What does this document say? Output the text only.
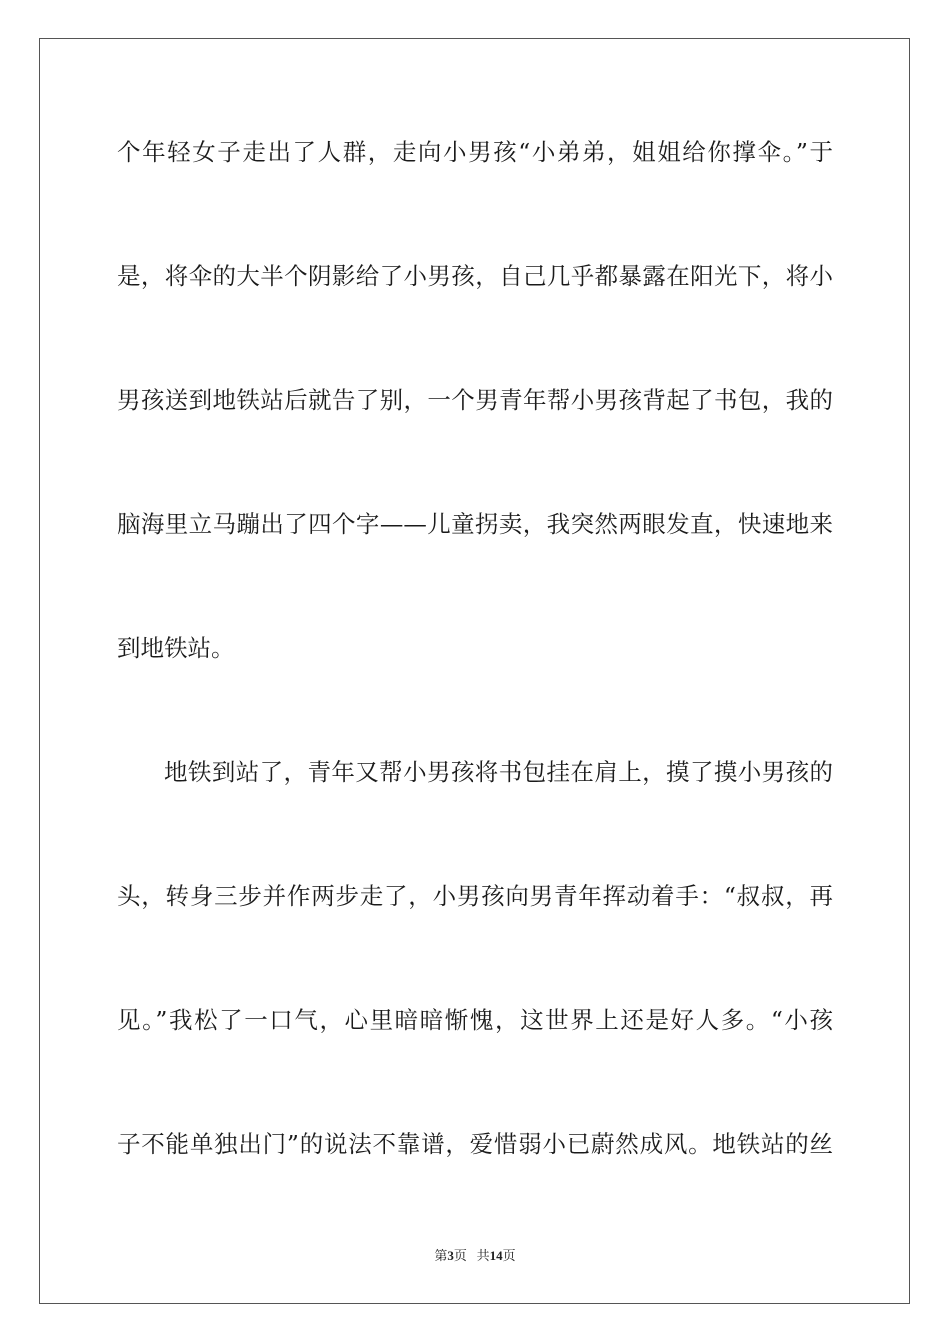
个年轻女子走出了人群，走向小男孩“小弟弟，姐姐给你撑伞。”于
是，将伞的大半个阴影给了小男孩，自己几乎都暴露在阳光下，将小
男孩送到地铁站后就告了别，一个男青年帮小男孩背起了书包，我的
脑海里立马蹦出了四个字——儿童拐卖，我突然两眼发直，快速地来
到地铁站。
地铁到站了，青年又帮小男孩将书包挂在肩上，摸了摸小男孩的
头，转身三步并作两步走了，小男孩向男青年挥动着手：“叔叔，再
见。”我松了一口气，心里暗暗惭愧，这世界上还是好人多。“小孩
子不能单独出门”的说法不靠谱，爱惜弱小已蔚然成风。地铁站的丝
第3页 共14页
